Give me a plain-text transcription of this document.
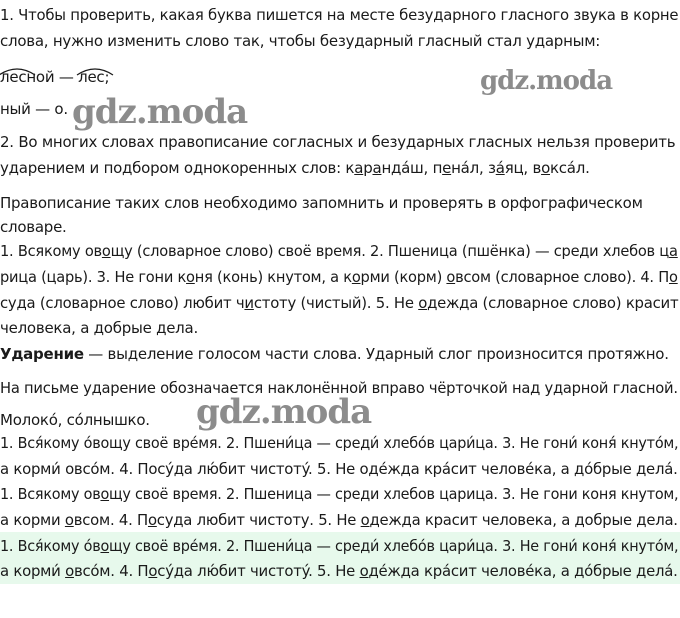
1. Чтобы проверить, какая буква пишется на месте безударного гласного звука в корне
слова, нужно изменить слово так, чтобы безударный гласный стал ударным:
лесной —
лес;
ный — о.
2. Во многих словах правописание согласных и безударных гласных нельзя проверить
ударением и подбором однокоренных слов: карандáш, пенáл, заяц, воксáл.
Правописание таких слов необходимо запомнить и проверять в орфографическом
словаре.
1. Всякому овощу (словарное слово) своё время. 2. Пшеница (пшёнка) — среди хлебов ца
рица (царь). 3. Не гони коня (конь) кнутом, а корми (корм) овсом (словарное слово). 4. По
суда (словарное слово) любит чистоту (чистый). 5. Не одежда (словарное слово) красит
человека, а добрые дела.
Ударение — выделение голосом части слова. Ударный слог произносится протяжно.
На письме ударение обозначается наклонённой вправо чёрточкой над ударной гласной.
Молокó, сóлнышко.
1. Вся́кому óвощу своё врéмя. 2. Пшени́ца — среди́ хлебóв цари́ца. 3. Не гони́ коня́ кнутóм,
а корми́ овсóм. 4. Посýда лю́бит чистотý. 5. Не одéжда крáсит человéка, а дóбрые делá.
1. Всякому овощу своё время. 2. Пшеница — среди хлебов царица. 3. Не гони коня кнутом,
а корми овсом. 4. Посуда любит чистоту. 5. Не одежда красит человека, а добрые дела.
1. Вся́кому óвощу своё врéмя. 2. Пшени́ца — среди́ хлебóв цари́ца. 3. Не гони́ коня́ кнутóм,
а корми́ овсóм. 4. Посýда лю́бит чистотý. 5. Не одéжда крáсит человéка, а дóбрые делá.
gdz.moda
gdz.moda
gdz.moda
